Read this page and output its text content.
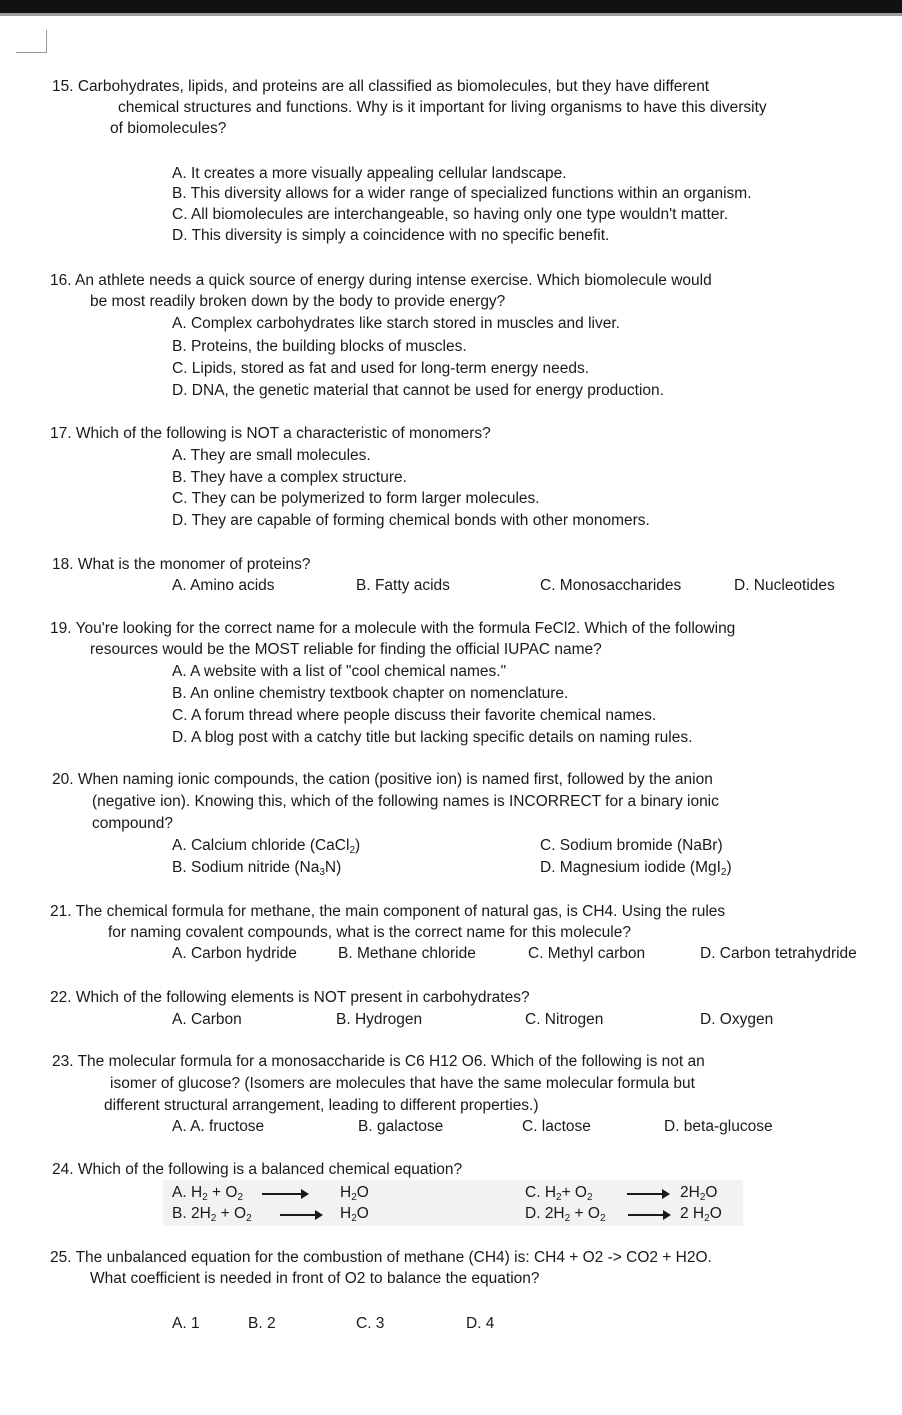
15. Carbohydrates, lipids, and proteins are all classified as biomolecules, but they have different
chemical structures and functions. Why is it important for living organisms to have this diversity
of biomolecules?
A. It creates a more visually appealing cellular landscape.
B. This diversity allows for a wider range of specialized functions within an organism.
C. All biomolecules are interchangeable, so having only one type wouldn't matter.
D. This diversity is simply a coincidence with no specific benefit.
16. An athlete needs a quick source of energy during intense exercise. Which biomolecule would
be most readily broken down by the body to provide energy?
A. Complex carbohydrates like starch stored in muscles and liver.
B. Proteins, the building blocks of muscles.
C. Lipids, stored as fat and used for long-term energy needs.
D. DNA, the genetic material that cannot be used for energy production.
17. Which of the following is NOT a characteristic of monomers?
A. They are small molecules.
B. They have a complex structure.
C. They can be polymerized to form larger molecules.
D. They are capable of forming chemical bonds with other monomers.
18. What is the monomer of proteins?
A. Amino acids	B. Fatty acids	C. Monosaccharides	D. Nucleotides
19. You're looking for the correct name for a molecule with the formula FeCl2. Which of the following
resources would be the MOST reliable for finding the official IUPAC name?
A. A website with a list of "cool chemical names."
B. An online chemistry textbook chapter on nomenclature.
C. A forum thread where people discuss their favorite chemical names.
D. A blog post with a catchy title but lacking specific details on naming rules.
20. When naming ionic compounds, the cation (positive ion) is named first, followed by the anion
(negative ion). Knowing this, which of the following names is INCORRECT for a binary ionic
compound?
A. Calcium chloride (CaCl2)	C. Sodium bromide (NaBr)
B. Sodium nitride (Na3N)	D. Magnesium iodide (MgI2)
21. The chemical formula for methane, the main component of natural gas, is CH4. Using the rules
for naming covalent compounds, what is the correct name for this molecule?
A. Carbon hydride	B. Methane chloride	C. Methyl carbon	D. Carbon tetrahydride
22. Which of the following elements is NOT present in carbohydrates?
A. Carbon	B. Hydrogen	C. Nitrogen	D. Oxygen
23. The molecular formula for a monosaccharide is C6 H12 O6. Which of the following is not an
isomer of glucose? (Isomers are molecules that have the same molecular formula but
different structural arrangement, leading to different properties.)
A. A. fructose	B. galactose	C. lactose	D. beta-glucose
24. Which of the following is a balanced chemical equation?
A. H2 + O2	H2O	C. H2+ O2	2H2O
B. 2H2 + O2	H2O	D. 2H2 + O2	2 H2O
25. The unbalanced equation for the combustion of methane (CH4) is: CH4 + O2 -> CO2 + H2O.
What coefficient is needed in front of O2 to balance the equation?
A. 1	B. 2	C. 3	D. 4
